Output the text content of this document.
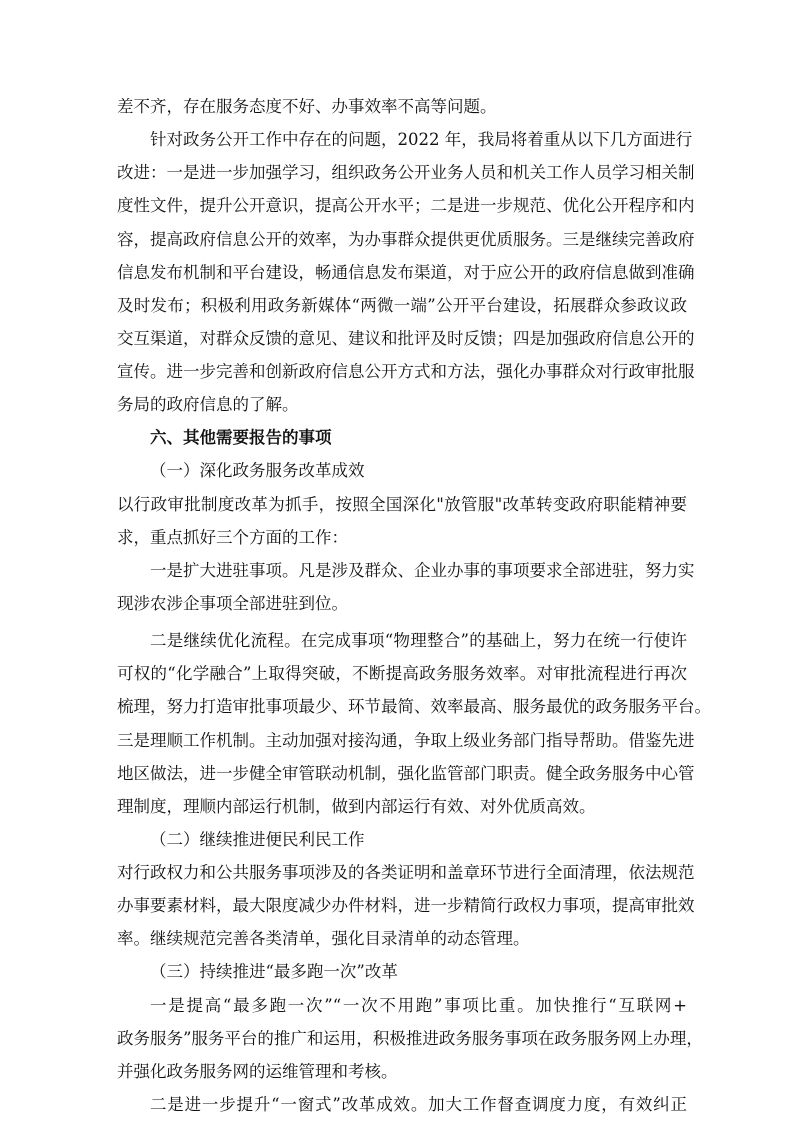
差不齐，存在服务态度不好、办事效率不高等问题。

针对政务公开工作中存在的问题，2022 年，我局将着重从以下几方面进行

改进：一是进一步加强学习，组织政务公开业务人员和机关工作人员学习相关制

度性文件，提升公开意识，提高公开水平；二是进一步规范、优化公开程序和内

容，提高政府信息公开的效率，为办事群众提供更优质服务。三是继续完善政府

信息发布机制和平台建设，畅通信息发布渠道，对于应公开的政府信息做到准确

及时发布；积极利用政务新媒体“两微一端”公开平台建设，拓展群众参政议政

交互渠道，对群众反馈的意见、建议和批评及时反馈；四是加强政府信息公开的

宣传。进一步完善和创新政府信息公开方式和方法，强化办事群众对行政审批服

务局的政府信息的了解。

六、其他需要报告的事项

（一）深化政务服务改革成效

以行政审批制度改革为抓手，按照全国深化"放管服"改革转变政府职能精神要

求，重点抓好三个方面的工作：

一是扩大进驻事项。凡是涉及群众、企业办事的事项要求全部进驻，努力实

现涉农涉企事项全部进驻到位。

二是继续优化流程。在完成事项“物理整合”的基础上，努力在统一行使许

可权的“化学融合”上取得突破，不断提高政务服务效率。对审批流程进行再次

梳理，努力打造审批事项最少、环节最简、效率最高、服务最优的政务服务平台。

三是理顺工作机制。主动加强对接沟通，争取上级业务部门指导帮助。借鉴先进

地区做法，进一步健全审管联动机制，强化监管部门职责。健全政务服务中心管

理制度，理顺内部运行机制，做到内部运行有效、对外优质高效。

（二）继续推进便民利民工作

对行政权力和公共服务事项涉及的各类证明和盖章环节进行全面清理，依法规范

办事要素材料，最大限度减少办件材料，进一步精简行政权力事项，提高审批效

率。继续规范完善各类清单，强化目录清单的动态管理。

（三）持续推进“最多跑一次”改革

一是提高“最多跑一次”“一次不用跑”事项比重。加快推行“互联网+

政务服务”服务平台的推广和运用，积极推进政务服务事项在政务服务网上办理，

并强化政务服务网的运维管理和考核。

二是进一步提升“一窗式”改革成效。加大工作督查调度力度，有效纠正
